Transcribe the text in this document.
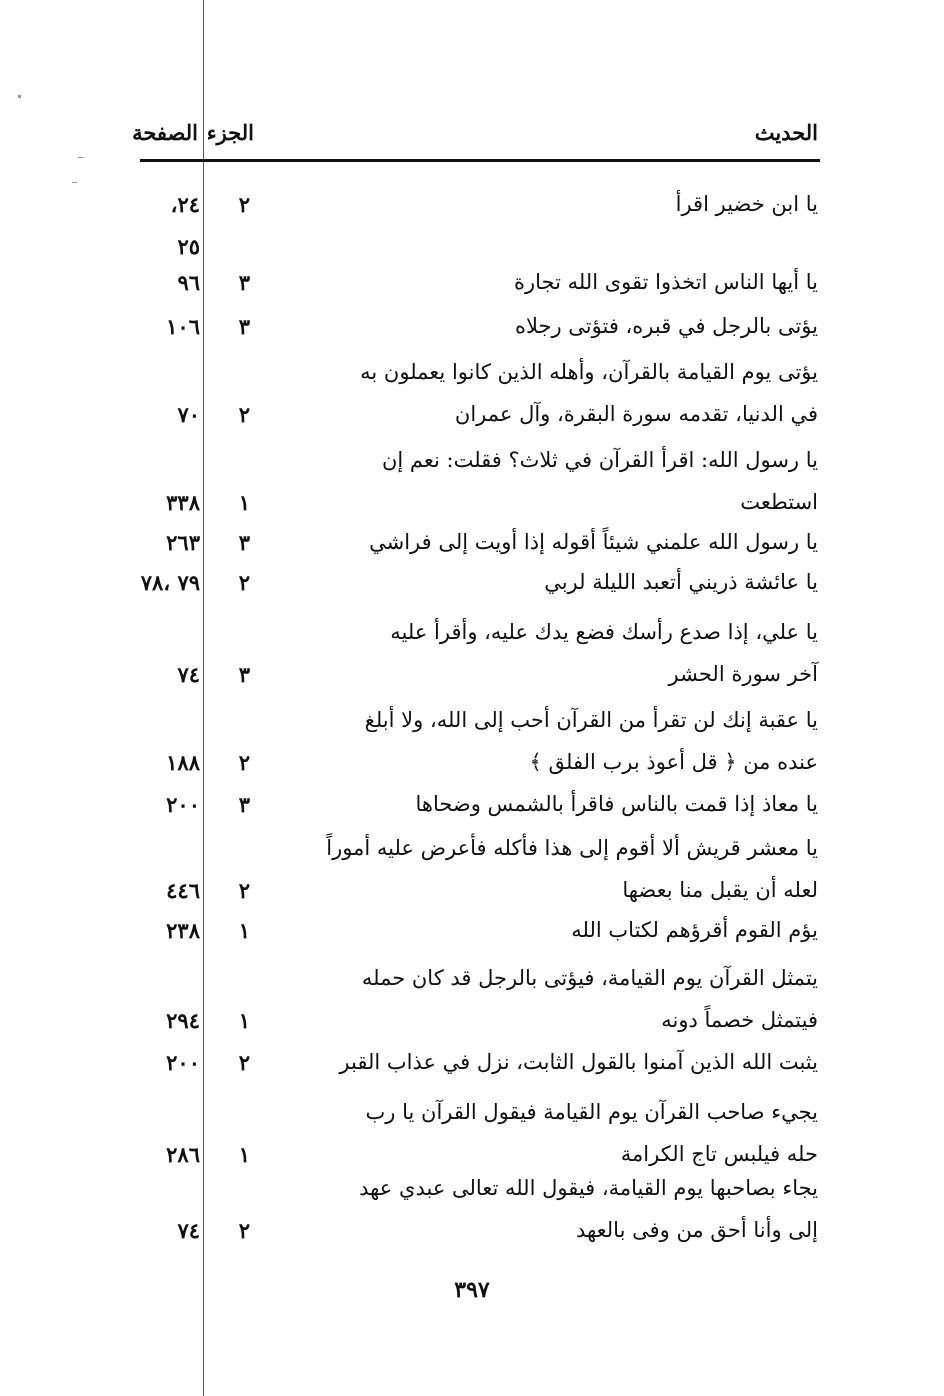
الحديث
الجزء
الصفحة
يا ابن خضير اقرأ
٢
٢٤،
٢٥
يا أيها الناس اتخذوا تقوى الله تجارة
٣
٩٦
يؤتى بالرجل في قبره، فتؤتى رجلاه
٣
١٠٦
يؤتى يوم القيامة بالقرآن، وأهله الذين كانوا يعملون به
في الدنيا، تقدمه سورة البقرة، وآل عمران
٢
٧٠
يا رسول الله: اقرأ القرآن في ثلاث؟ فقلت: نعم إن
استطعت
١
٣٣٨
يا رسول الله علمني شيئاً أقوله إذا أويت إلى فراشي
٣
٢٦٣
يا عائشة ذريني أتعبد الليلة لربي
٢
٧٩ ،٧٨
يا علي، إذا صدع رأسك فضع يدك عليه، وأقرأ عليه
آخر سورة الحشر
٣
٧٤
يا عقبة إنك لن تقرأ من القرآن أحب إلى الله، ولا أبلغ
عنده من ﴿ قل أعوذ برب الفلق ﴾
٢
١٨٨
يا معاذ إذا قمت بالناس فاقرأ بالشمس وضحاها
٣
٢٠٠
يا معشر قريش ألا أقوم إلى هذا فأكله فأعرض عليه أموراً
لعله أن يقبل منا بعضها
٢
٤٤٦
يؤم القوم أقرؤهم لكتاب الله
١
٢٣٨
يتمثل القرآن يوم القيامة، فيؤتى بالرجل قد كان حمله
فيتمثل خصماً دونه
١
٢٩٤
يثبت الله الذين آمنوا بالقول الثابت، نزل في عذاب القبر
٢
٢٠٠
يجيء صاحب القرآن يوم القيامة فيقول القرآن يا رب
حله فيلبس تاج الكرامة
١
٢٨٦
يجاء بصاحبها يوم القيامة، فيقول الله تعالى عبدي عهد
إلى وأنا أحق من وفى بالعهد
٢
٧٤
٣٩٧
